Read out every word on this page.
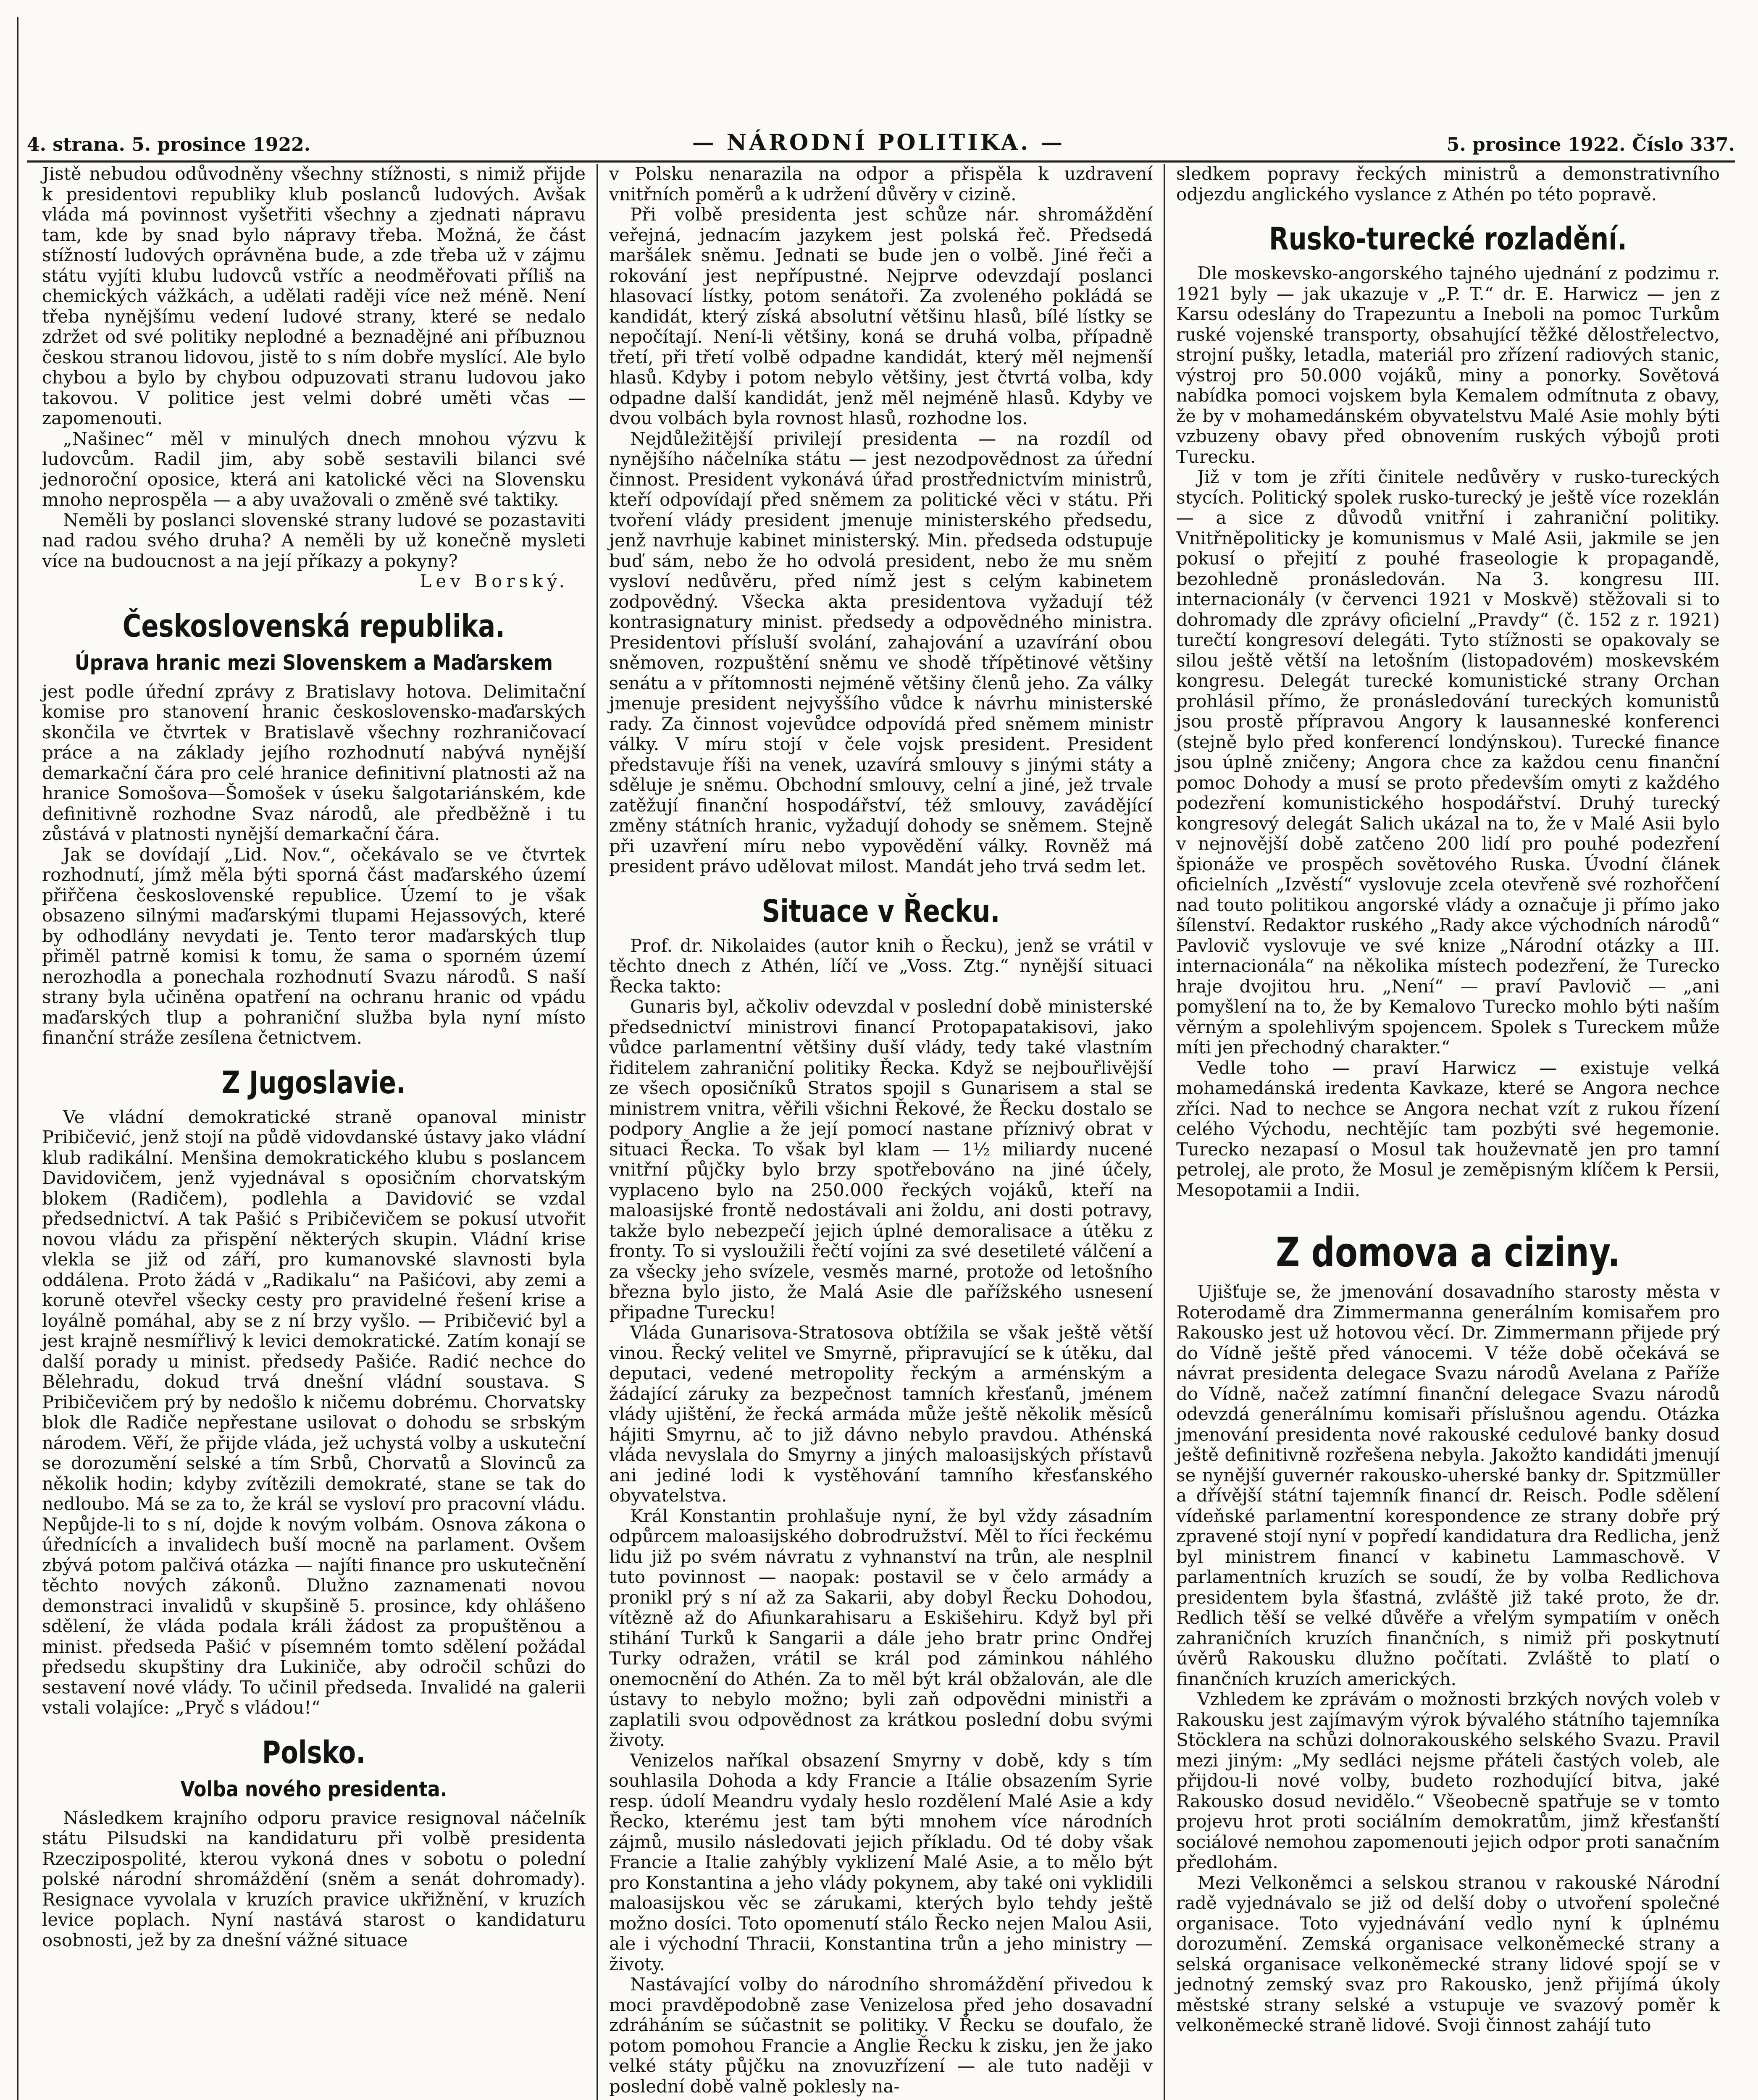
4. strana. 5. prosince 1922.	— NÁRODNÍ POLITIKA. —	5. prosince 1922. Číslo 337.

Jistě nebudou odůvodněny všechny stížnosti, s nimiž přijde k presidentovi republiky klub poslanců ludových. Avšak vláda má povinnost vyšetřiti všechny a zjednati nápravu tam, kde by snad bylo nápravy třeba. Možná, že část stížností ludových oprávněna bude, a zde třeba už v zájmu státu vyjíti klubu ludovců vstříc a neodměřovati příliš na chemických vážkách, a udělati raději více než méně. Není třeba nynějšímu vedení ludové strany, které se nedalo zdržet od své politiky neplodné a beznadějné ani příbuznou českou stranou lidovou, jistě to s ním dobře myslící. Ale bylo chybou a bylo by chybou odpuzovati stranu ludovou jako takovou. V politice jest velmi dobré uměti včas — zapomenouti.

„Našinec“ měl v minulých dnech mnohou výzvu k ludovcům. Radil jim, aby sobě sestavili bilanci své jednoroční oposice, která ani katolické věci na Slovensku mnoho neprospěla — a aby uvažovali o změně své taktiky.

Neměli by poslanci slovenské strany ludové se pozastaviti nad radou svého druha? A neměli by už konečně mysleti více na budoucnost a na její příkazy a pokyny?

Lev Borský.

Československá republika.
Úprava hranic mezi Slovenskem a Maďarskem

jest podle úřední zprávy z Bratislavy hotova. Delimitační komise pro stanovení hranic československo-maďarských skončila ve čtvrtek v Bratislavě všechny rozhraničovací práce a na základy jejího rozhodnutí nabývá nynější demarkační čára pro celé hranice definitivní platnosti až na hranice Somošova—Šomošek v úseku šalgotariánském, kde definitivně rozhodne Svaz národů, ale předběžně i tu zůstává v platnosti nynější demarkační čára.

Jak se dovídají „Lid. Nov.“, očekávalo se ve čtvrtek rozhodnutí, jímž měla býti sporná část maďarského území přiřčena československé republice. Území to je však obsazeno silnými maďarskými tlupami Hejassových, které by odhodlány nevydati je. Tento teror maďarských tlup přiměl patrně komisi k tomu, že sama o sporném území nerozhodla a ponechala rozhodnutí Svazu národů. S naší strany byla učiněna opatření na ochranu hranic od vpádu maďarských tlup a pohraniční služba byla nyní místo finanční stráže zesílena četnictvem.

Z Jugoslavie.

Ve vládní demokratické straně opanoval ministr Pribičević, jenž stojí na půdě vidovdanské ústavy jako vládní klub radikální. Menšina demokratického klubu s poslancem Davidovičem, jenž vyjednával s oposičním chorvatským blokem (Radičem), podlehla a Davidović se vzdal předsednictví. A tak Pašić s Pribičevičem se pokusí utvořit novou vládu za přispění některých skupin. Vládní krise vlekla se již od září, pro kumanovské slavnosti byla oddálena. Proto žádá v „Radikalu“ na Pašićovi, aby zemi a koruně otevřel všecky cesty pro pravidelné řešení krise a loyálně pomáhal, aby se z ní brzy vyšlo. — Pribičević byl a jest krajně nesmířlivý k levici demokratické. Zatím konají se další porady u minist. předsedy Pašiće. Radić nechce do Bělehradu, dokud trvá dnešní vládní soustava. S Pribičevičem prý by nedošlo k ničemu dobrému. Chorvatsky blok dle Radiče nepřestane usilovat o dohodu se srbským národem. Věří, že přijde vláda, jež uchystá volby a uskuteční se dorozumění selské a tím Srbů, Chorvatů a Slovinců za několik hodin; kdyby zvítězili demokraté, stane se tak do nedloubo. Má se za to, že král se vysloví pro pracovní vládu. Nepůjde-li to s ní, dojde k novým volbám. Osnova zákona o úřednících a invalidech buší mocně na parlament. Ovšem zbývá potom palčivá otázka — najíti finance pro uskutečnění těchto nových zákonů. Dlužno zaznamenati novou demonstraci invalidů v skupšině 5. prosince, kdy ohlášeno sdělení, že vláda podala králi žádost za propuštěnou a minist. předseda Pašić v písemném tomto sdělení požádal předsedu skupštiny dra Lukiniče, aby odročil schůzi do sestavení nové vlády. To učinil předseda. Invalidé na galerii vstali volajíce: „Pryč s vládou!“

Polsko.
Volba nového presidenta.

Následkem krajního odporu pravice resignoval náčelník státu Pilsudski na kandidaturu při volbě presidenta Rzeczipospolité, kterou vykoná dnes v sobotu o polední polské národní shromáždění (sněm a senát dohromady). Resignace vyvolala v kruzích pravice ukřižnění, v kruzích levice poplach. Nyní nastává starost o kandidaturu osobnosti, jež by za dnešní vážné situace

v Polsku nenarazila na odpor a přispěla k uzdravení vnitřních poměrů a k udržení důvěry v cizině.

Při volbě presidenta jest schůze nár. shromáždění veřejná, jednacím jazykem jest polská řeč. Předsedá maršálek sněmu. Jednati se bude jen o volbě. Jiné řeči a rokování jest nepřípustné. Nejprve odevzdají poslanci hlasovací lístky, potom senátoři. Za zvoleného pokládá se kandidát, který získá absolutní většinu hlasů, bílé lístky se nepočítají. Není-li většiny, koná se druhá volba, případně třetí, při třetí volbě odpadne kandidát, který měl nejmenší hlasů. Kdyby i potom nebylo většiny, jest čtvrtá volba, kdy odpadne další kandidát, jenž měl nejméně hlasů. Kdyby ve dvou volbách byla rovnost hlasů, rozhodne los.

Nejdůležitější privilejí presidenta — na rozdíl od nynějšího náčelníka státu — jest nezodpovědnost za úřední činnost. President vykonává úřad prostřednictvím ministrů, kteří odpovídají před sněmem za politické věci v státu. Při tvoření vlády president jmenuje ministerského předsedu, jenž navrhuje kabinet ministerský. Min. předseda odstupuje buď sám, nebo že ho odvolá president, nebo že mu sněm vysloví nedůvěru, před nímž jest s celým kabinetem zodpovědný. Všecka akta presidentova vyžadují též kontrasignatury minist. předsedy a odpovědného ministra. Presidentovi přísluší svolání, zahajování a uzavírání obou sněmoven, rozpuštění sněmu ve shodě třípětinové většiny senátu a v přítomnosti nejméně většiny členů jeho. Za války jmenuje president nejvyššího vůdce k návrhu ministerské rady. Za činnost vojevůdce odpovídá před sněmem ministr války. V míru stojí v čele vojsk president. President představuje říši na venek, uzavírá smlouvy s jinými státy a sděluje je sněmu. Obchodní smlouvy, celní a jiné, jež trvale zatěžují finanční hospodářství, též smlouvy, zavádějící změny státních hranic, vyžadují dohody se sněmem. Stejně při uzavření míru nebo vypovědění války. Rovněž má president právo udělovat milost. Mandát jeho trvá sedm let.

Situace v Řecku.

Prof. dr. Nikolaides (autor knih o Řecku), jenž se vrátil v těchto dnech z Athén, líčí ve „Voss. Ztg.“ nynější situaci Řecka takto:

Gunaris byl, ačkoliv odevzdal v poslední době ministerské předsednictví ministrovi financí Protopapatakisovi, jako vůdce parlamentní většiny duší vlády, tedy také vlastním řiditelem zahraniční politiky Řecka. Když se nejbouřlivější ze všech oposičníků Stratos spojil s Gunarisem a stal se ministrem vnitra, věřili všichni Řekové, že Řecku dostalo se podpory Anglie a že její pomocí nastane příznivý obrat v situaci Řecka. To však byl klam — 1½ miliardy nucené vnitřní půjčky bylo brzy spotřebováno na jiné účely, vyplaceno bylo na 250.000 řeckých vojáků, kteří na maloasijské frontě nedostávali ani žoldu, ani dosti potravy, takže bylo nebezpečí jejich úplné demoralisace a útěku z fronty. To si vysloužili řečtí vojíni za své desetileté válčení a za všecky jeho svízele, vesměs marné, protože od letošního března bylo jisto, že Malá Asie dle pařížského usnesení připadne Turecku!

Vláda Gunarisova-Stratosova obtížila se však ještě větší vinou. Řecký velitel ve Smyrně, připravující se k útěku, dal deputaci, vedené metropolity řeckým a arménským a žádající záruky za bezpečnost tamních křesťanů, jménem vlády ujištění, že řecká armáda může ještě několik měsíců hájiti Smyrnu, ač to již dávno nebylo pravdou. Athénská vláda nevyslala do Smyrny a jiných maloasijských přístavů ani jediné lodi k vystěhování tamního křesťanského obyvatelstva.

Král Konstantin prohlašuje nyní, že byl vždy zásadním odpůrcem maloasijského dobrodružství. Měl to říci řeckému lidu již po svém návratu z vyhnanství na trůn, ale nesplnil tuto povinnost — naopak: postavil se v čelo armády a pronikl prý s ní až za Sakarii, aby dobyl Řecku Dohodou, vítězně až do Afiunkarahisaru a Eskišehiru. Když byl při stihání Turků k Sangarii a dále jeho bratr princ Ondřej Turky odražen, vrátil se král pod záminkou náhlého onemocnění do Athén. Za to měl být král obžalován, ale dle ústavy to nebylo možno; byli zaň odpovědni ministři a zaplatili svou odpovědnost za krátkou poslední dobu svými životy.

Venizelos naříkal obsazení Smyrny v době, kdy s tím souhlasila Dohoda a kdy Francie a Itálie obsazením Syrie resp. údolí Meandru vydaly heslo rozdělení Malé Asie a kdy Řecko, kterému jest tam býti mnohem více národních zájmů, musilo následovati jejich příkladu. Od té doby však Francie a Italie zahýbly vyklizení Malé Asie, a to mělo být pro Konstantina a jeho vlády pokynem, aby také oni vyklidili maloasijskou věc se zárukami, kterých bylo tehdy ještě možno dosíci. Toto opomenutí stálo Řecko nejen Malou Asii, ale i východní Thracii, Konstantina trůn a jeho ministry — životy.

Nastávající volby do národního shromáždění přivedou k moci pravděpodobně zase Venizelosa před jeho dosavadní zdráháním se súčastnit se politiky. V Řecku se doufalo, že potom pomohou Francie a Anglie Řecku k zisku, jen že jako velké státy půjčku na znovuzřízení — ale tuto naději v poslední době valně poklesly na-

sledkem popravy řeckých ministrů a demonstrativního odjezdu anglického vyslance z Athén po této popravě.

Rusko-turecké rozladění.

Dle moskevsko-angorského tajného ujednání z podzimu r. 1921 byly — jak ukazuje v „P. T.“ dr. E. Harwicz — jen z Karsu odeslány do Trapezuntu a Ineboli na pomoc Turkům ruské vojenské transporty, obsahující těžké dělostřelectvo, strojní pušky, letadla, materiál pro zřízení radiových stanic, výstroj pro 50.000 vojáků, miny a ponorky. Sovětová nabídka pomoci vojskem byla Kemalem odmítnuta z obavy, že by v mohamedánském obyvatelstvu Malé Asie mohly býti vzbuzeny obavy před obnovením ruských výbojů proti Turecku.

Již v tom je zříti činitele nedůvěry v rusko-tureckých stycích. Politický spolek rusko-turecký je ještě více rozeklán — a sice z důvodů vnitřní i zahraniční politiky. Vnitřněpoliticky je komunismus v Malé Asii, jakmile se jen pokusí o přejití z pouhé fraseologie k propagandě, bezohledně pronásledován. Na 3. kongresu III. internacionály (v červenci 1921 v Moskvě) stěžovali si to dohromady dle zprávy oficielní „Pravdy“ (č. 152 z r. 1921) turečtí kongresoví delegáti. Tyto stížnosti se opakovaly se silou ještě větší na letošním (listopadovém) moskevském kongresu. Delegát turecké komunistické strany Orchan prohlásil přímo, že pronásledování tureckých komunistů jsou prostě přípravou Angory k lausanneské konferenci (stejně bylo před konferencí londýnskou). Turecké finance jsou úplně zničeny; Angora chce za každou cenu finanční pomoc Dohody a musí se proto především omyti z každého podezření komunistického hospodářství. Druhý turecký kongresový delegát Salich ukázal na to, že v Malé Asii bylo v nejnovější době zatčeno 200 lidí pro pouhé podezření špionáže ve prospěch sovětového Ruska. Úvodní článek oficielních „Izvěstí“ vyslovuje zcela otevřeně své rozhořčení nad touto politikou angorské vlády a označuje ji přímo jako šílenství. Redaktor ruského „Rady akce východních národů“ Pavlovič vyslovuje ve své knize „Národní otázky a III. internacionála“ na několika místech podezření, že Turecko hraje dvojitou hru. „Není“ — praví Pavlovič — „ani pomyšlení na to, že by Kemalovo Turecko mohlo býti naším věrným a spolehlivým spojencem. Spolek s Tureckem může míti jen přechodný charakter.“

Vedle toho — praví Harwicz — existuje velká mohamedánská iredenta Kavkaze, které se Angora nechce zříci. Nad to nechce se Angora nechat vzít z rukou řízení celého Východu, nechtějíc tam pozbýti své hegemonie. Turecko nezapasí o Mosul tak houževnatě jen pro tamní petrolej, ale proto, že Mosul je zeměpisným klíčem k Persii, Mesopotamii a Indii.

Z domova a ciziny.

Ujišťuje se, že jmenování dosavadního starosty města v Roterodamě dra Zimmermanna generálním komisařem pro Rakousko jest už hotovou věcí. Dr. Zimmermann přijede prý do Vídně ještě před vánocemi. V téže době očekává se návrat presidenta delegace Svazu národů Avelana z Paříže do Vídně, načež zatímní finanční delegace Svazu národů odevzdá generálnímu komisaři příslušnou agendu. Otázka jmenování presidenta nové rakouské cedulové banky dosud ještě definitivně rozřešena nebyla. Jakožto kandidáti jmenují se nynější guvernér rakousko-uherské banky dr. Spitzmüller a dřívější státní tajemník financí dr. Reisch. Podle sdělení vídeňské parlamentní korespondence ze strany dobře prý zpravené stojí nyní v popředí kandidatura dra Redlicha, jenž byl ministrem financí v kabinetu Lammaschově. V parlamentních kruzích se soudí, že by volba Redlichova presidentem byla šťastná, zvláště již také proto, že dr. Redlich těší se velké důvěře a vřelým sympatiím v oněch zahraničních kruzích finančních, s nimiž při poskytnutí úvěrů Rakousku dlužno počítati. Zvláště to platí o finančních kruzích amerických.

Vzhledem ke zprávám o možnosti brzkých nových voleb v Rakousku jest zajímavým výrok bývalého státního tajemníka Stöcklera na schůzi dolnorakouského selského Svazu. Pravil mezi jiným: „My sedláci nejsme přáteli častých voleb, ale přijdou-li nové volby, budeto rozhodující bitva, jaké Rakousko dosud nevidělo.“ Všeobecně spatřuje se v tomto projevu hrot proti sociálním demokratům, jimž křesťanští sociálové nemohou zapomenouti jejich odpor proti sanačním předlohám.

Mezi Velkoněmci a selskou stranou v rakouské Národní radě vyjednávalo se již od delší doby o utvoření společné organisace. Toto vyjednávání vedlo nyní k úplnému dorozumění. Zemská organisace velkoněmecké strany a selská organisace velkoněmecké strany lidové spojí se v jednotný zemský svaz pro Rakousko, jenž přijímá úkoly městské strany selské a vstupuje ve svazový poměr k velkoněmecké straně lidové. Svoji činnost zahájí tuto
